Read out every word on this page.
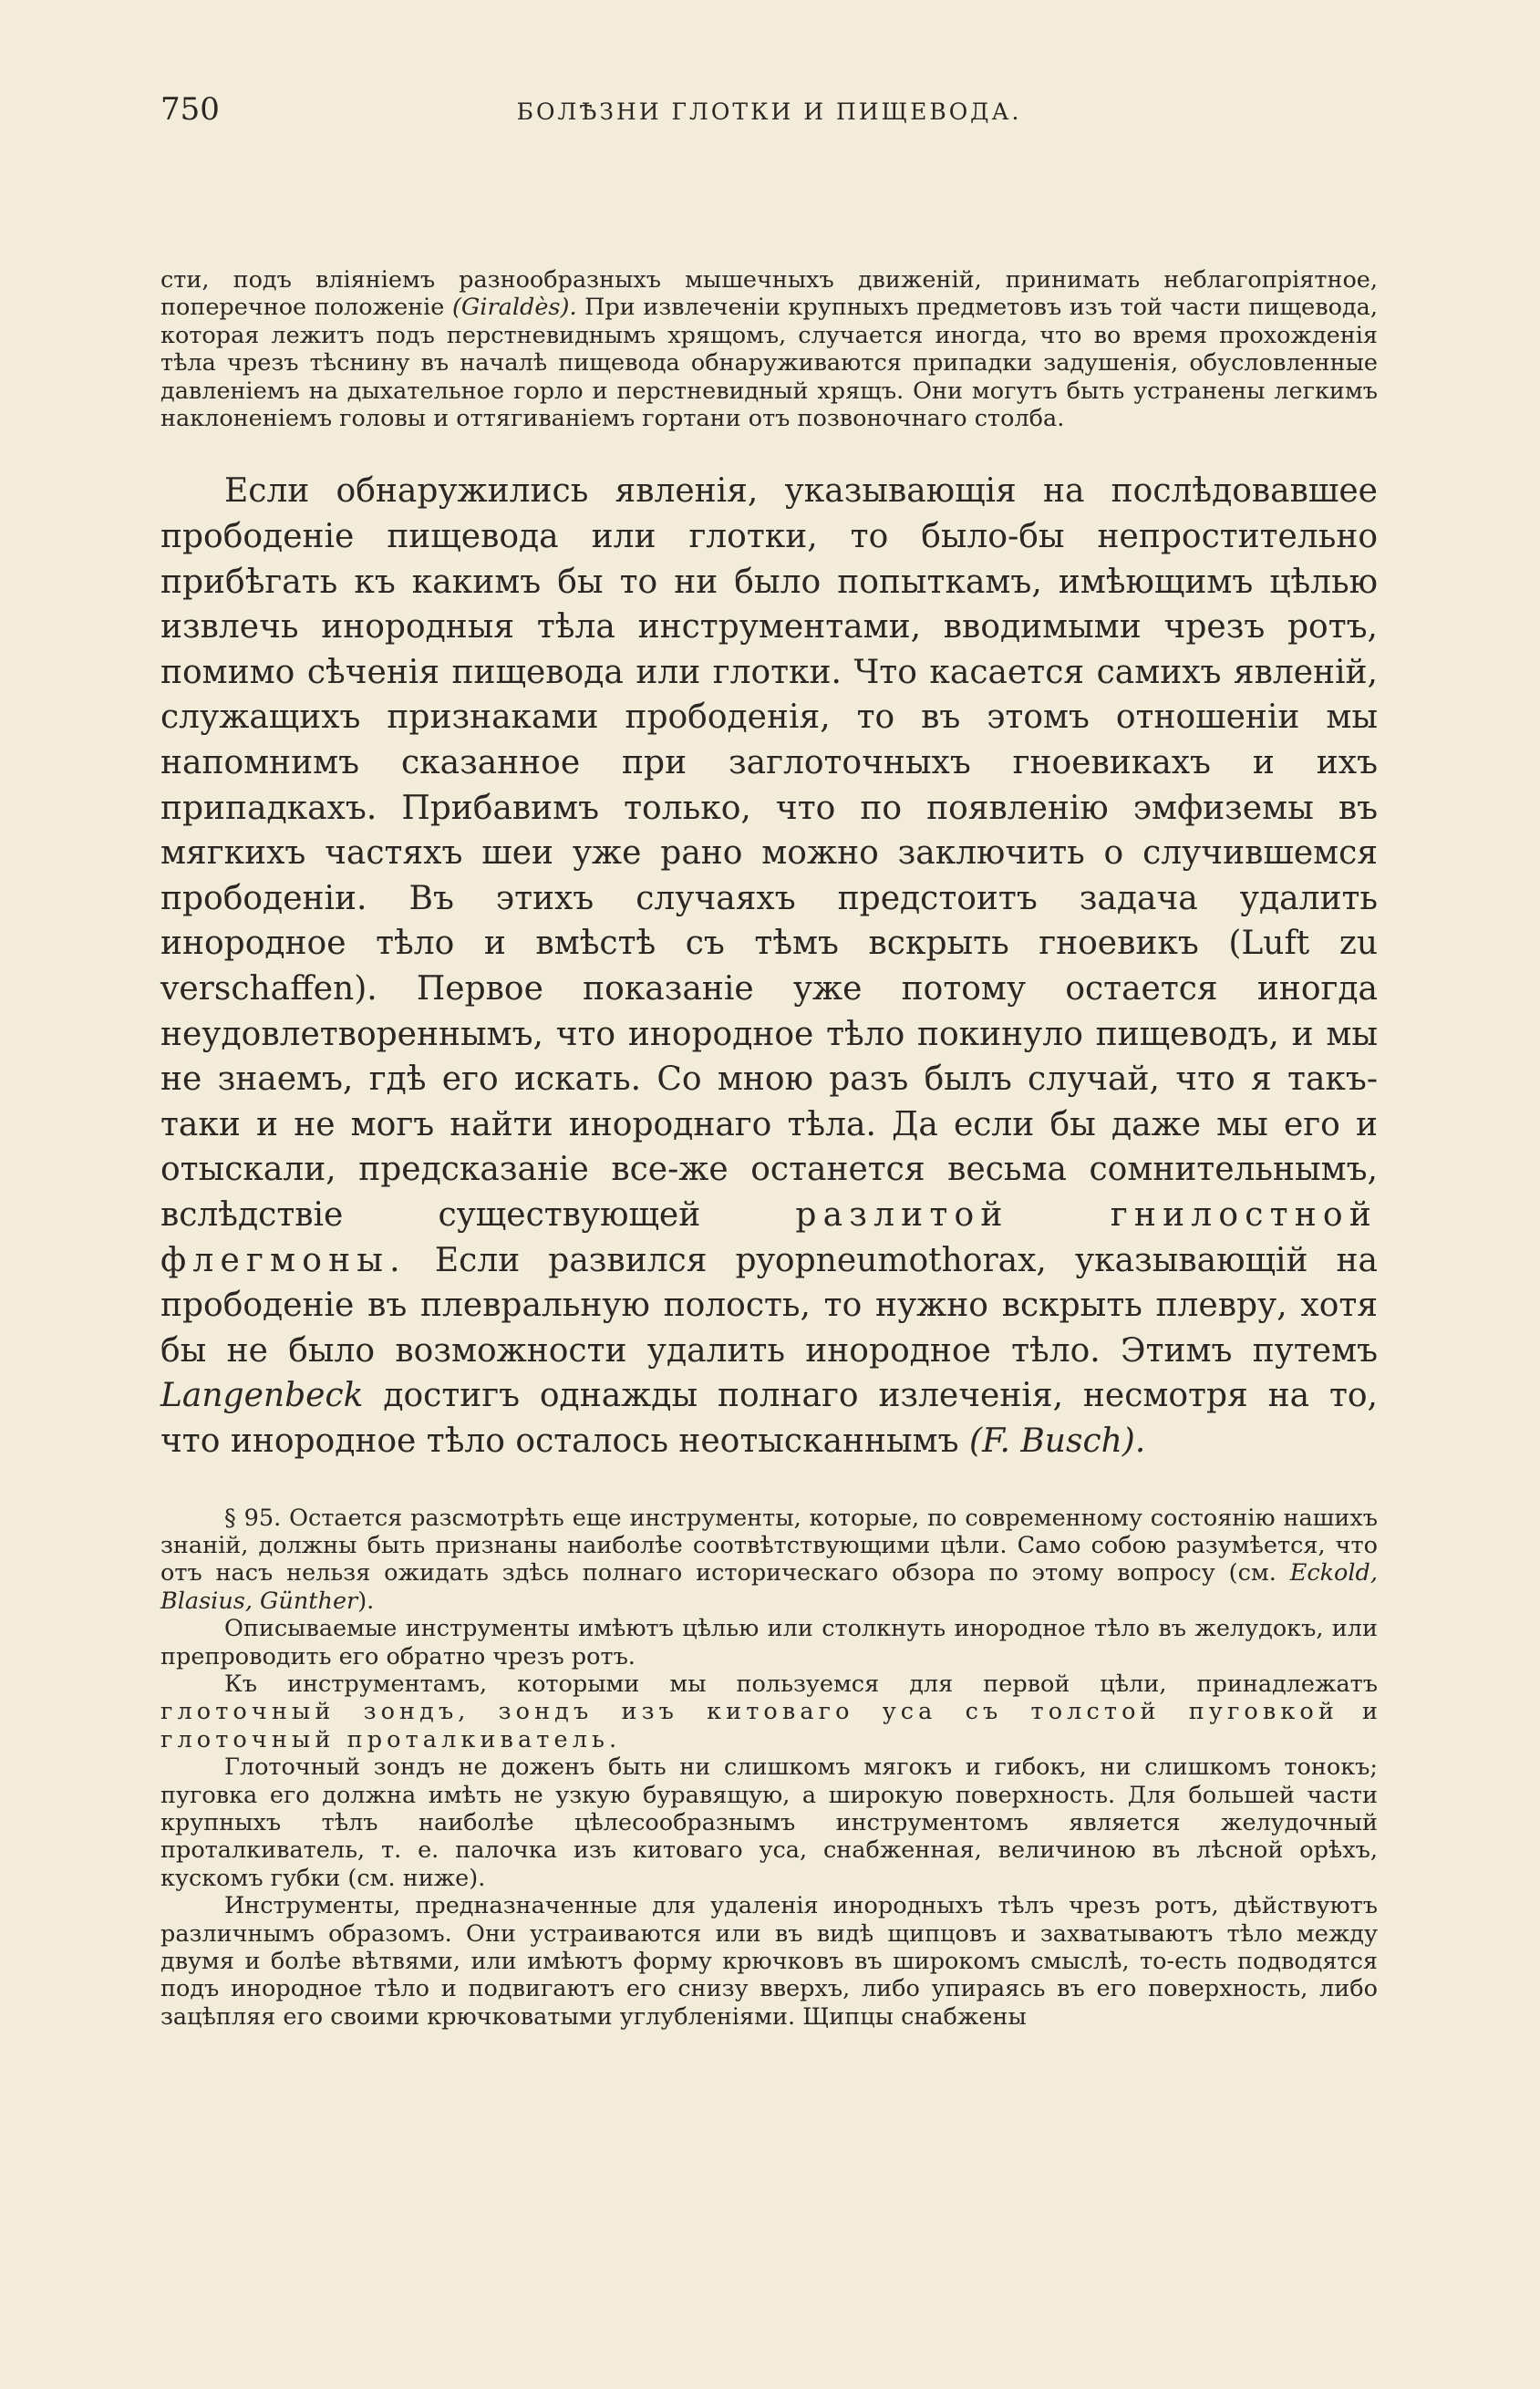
750	БОЛѢЗНИ ГЛОТКИ И ПИЩЕВОДА.

сти, подъ вліяніемъ разнообразныхъ мышечныхъ движеній, принимать неблагопріятное, поперечное положеніе (Giraldès). При извлеченіи крупныхъ предметовъ изъ той части пищевода, которая лежитъ подъ перстневиднымъ хрящомъ, случается иногда, что во время прохожденія тѣла чрезъ тѣснину въ началѣ пищевода обнаруживаются припадки задушенія, обусловленные давленіемъ на дыхательное горло и перстневидный хрящъ. Они могутъ быть устранены легкимъ наклоненіемъ головы и оттягиваніемъ гортани отъ позвоночнаго столба.

Если обнаружились явленія, указывающія на послѣдовавшее прободеніе пищевода или глотки, то было-бы непростительно прибѣгать къ какимъ бы то ни было попыткамъ, имѣющимъ цѣлью извлечь инородныя тѣла инструментами, вводимыми чрезъ ротъ, помимо сѣченія пищевода или глотки. Что касается самихъ явленій, служащихъ признаками прободенія, то въ этомъ отношеніи мы напомнимъ сказанное при заглоточныхъ гноевикахъ и ихъ припадкахъ. Прибавимъ только, что по появленію эмфиземы въ мягкихъ частяхъ шеи уже рано можно заключить о случившемся прободеніи. Въ этихъ случаяхъ предстоитъ задача удалить инородное тѣло и вмѣстѣ съ тѣмъ вскрыть гноевикъ (Luft zu verschaffen). Первое показаніе уже потому остается иногда неудовлетвореннымъ, что инородное тѣло покинуло пищеводъ, и мы не знаемъ, гдѣ его искать. Со мною разъ былъ случай, что я такъ-таки и не могъ найти инороднаго тѣла. Да если бы даже мы его и отыскали, предсказаніе все-же останется весьма сомнительнымъ, вслѣдствіе существующей разлитой гнилостной флегмоны. Если развился pyopneumothorax, указывающій на прободеніе въ плевральную полость, то нужно вскрыть плевру, хотя бы не было возможности удалить инородное тѣло. Этимъ путемъ Langenbeck достигъ однажды полнаго излеченія, несмотря на то, что инородное тѣло осталось неотысканнымъ (F. Busch).

§ 95. Остается разсмотрѣть еще инструменты, которые, по современному состоянію нашихъ знаній, должны быть признаны наиболѣе соотвѣтствующими цѣли. Само собою разумѣется, что отъ насъ нельзя ожидать здѣсь полнаго историческаго обзора по этому вопросу (см. Eckold, Blasius, Günther).

Описываемые инструменты имѣютъ цѣлью или столкнуть инородное тѣло въ желудокъ, или препроводить его обратно чрезъ ротъ.

Къ инструментамъ, которыми мы пользуемся для первой цѣли, принадлежатъ глоточный зондъ, зондъ изъ китоваго уса съ толстой пуговкой и глоточный проталкиватель.

Глоточный зондъ не доженъ быть ни слишкомъ мягокъ и гибокъ, ни слишкомъ тонокъ; пуговка его должна имѣть не узкую буравящую, а широкую поверхность. Для большей части крупныхъ тѣлъ наиболѣе цѣлесообразнымъ инструментомъ является желудочный проталкиватель, т. е. палочка изъ китоваго уса, снабженная, величиною въ лѣсной орѣхъ, кускомъ губки (см. ниже).

Инструменты, предназначенные для удаленія инородныхъ тѣлъ чрезъ ротъ, дѣйствуютъ различнымъ образомъ. Они устраиваются или въ видѣ щипцовъ и захватываютъ тѣло между двумя и болѣе вѣтвями, или имѣютъ форму крючковъ въ широкомъ смыслѣ, то-есть подводятся подъ инородное тѣло и подвигаютъ его снизу вверхъ, либо упираясь въ его поверхность, либо зацѣпляя его своими крючковатыми углубленіями. Щипцы снабжены
